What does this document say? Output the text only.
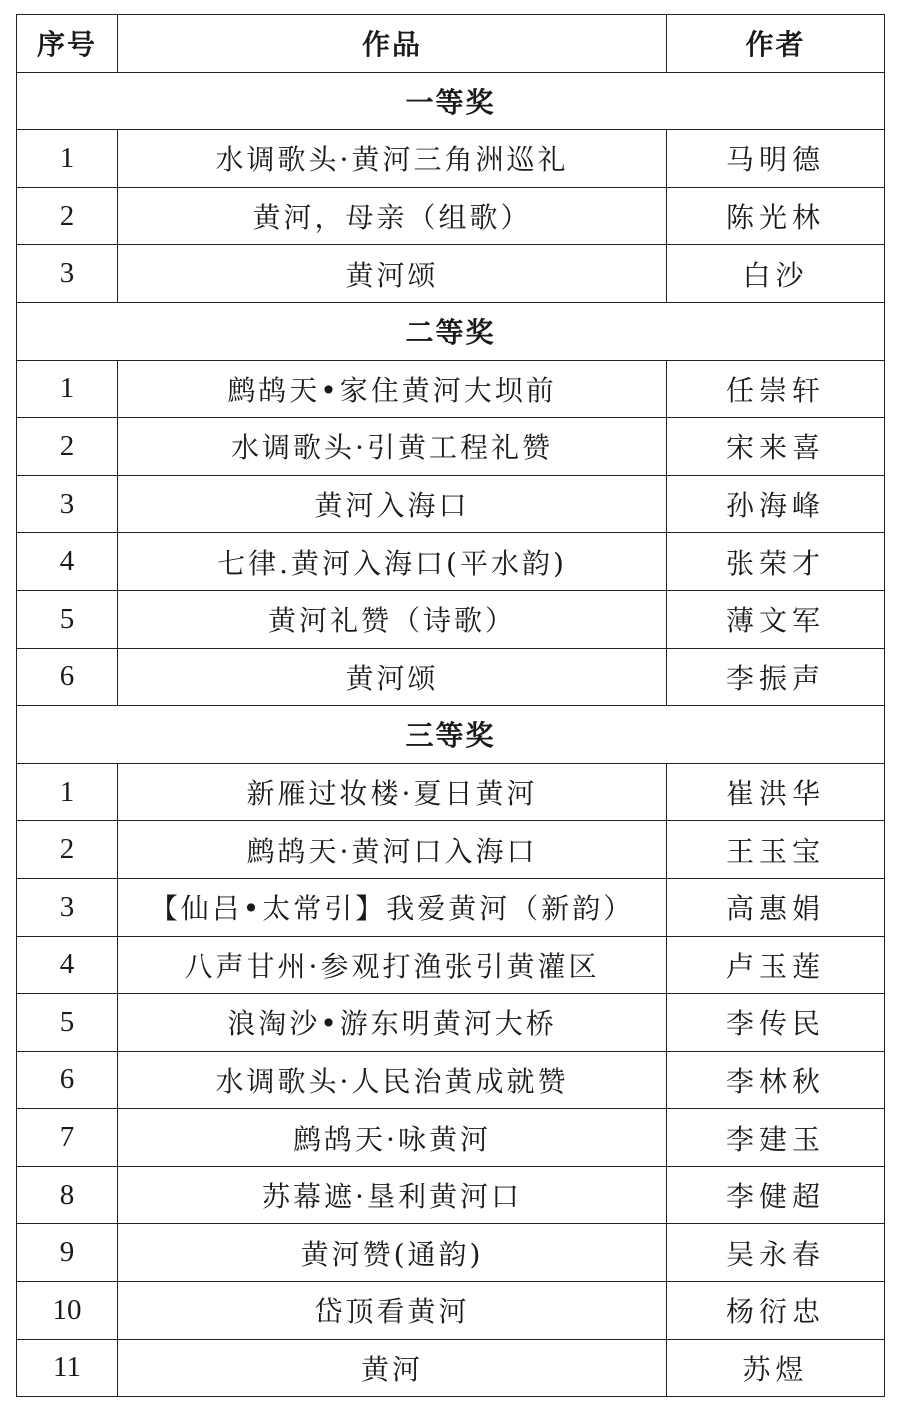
序号	作品	作者
一等奖		
1	水调歌头·黄河三角洲巡礼	马明德
2	黄河，母亲（组歌）	陈光林
3	黄河颂	白沙
二等奖		
1	鹧鸪天•家住黄河大坝前	任崇轩
2	水调歌头·引黄工程礼赞	宋来喜
3	黄河入海口	孙海峰
4	七律.黄河入海口(平水韵)	张荣才
5	黄河礼赞（诗歌）	薄文军
6	黄河颂	李振声
三等奖		
1	新雁过妆楼·夏日黄河	崔洪华
2	鹧鸪天·黄河口入海口	王玉宝
3	【仙吕•太常引】我爱黄河（新韵）	高惠娟
4	八声甘州·参观打渔张引黄灌区	卢玉莲
5	浪淘沙•游东明黄河大桥	李传民
6	水调歌头·人民治黄成就赞	李林秋
7	鹧鸪天·咏黄河	李建玉
8	苏幕遮·垦利黄河口	李健超
9	黄河赞(通韵)	吴永春
10	岱顶看黄河	杨衍忠
11	黄河	苏煜
